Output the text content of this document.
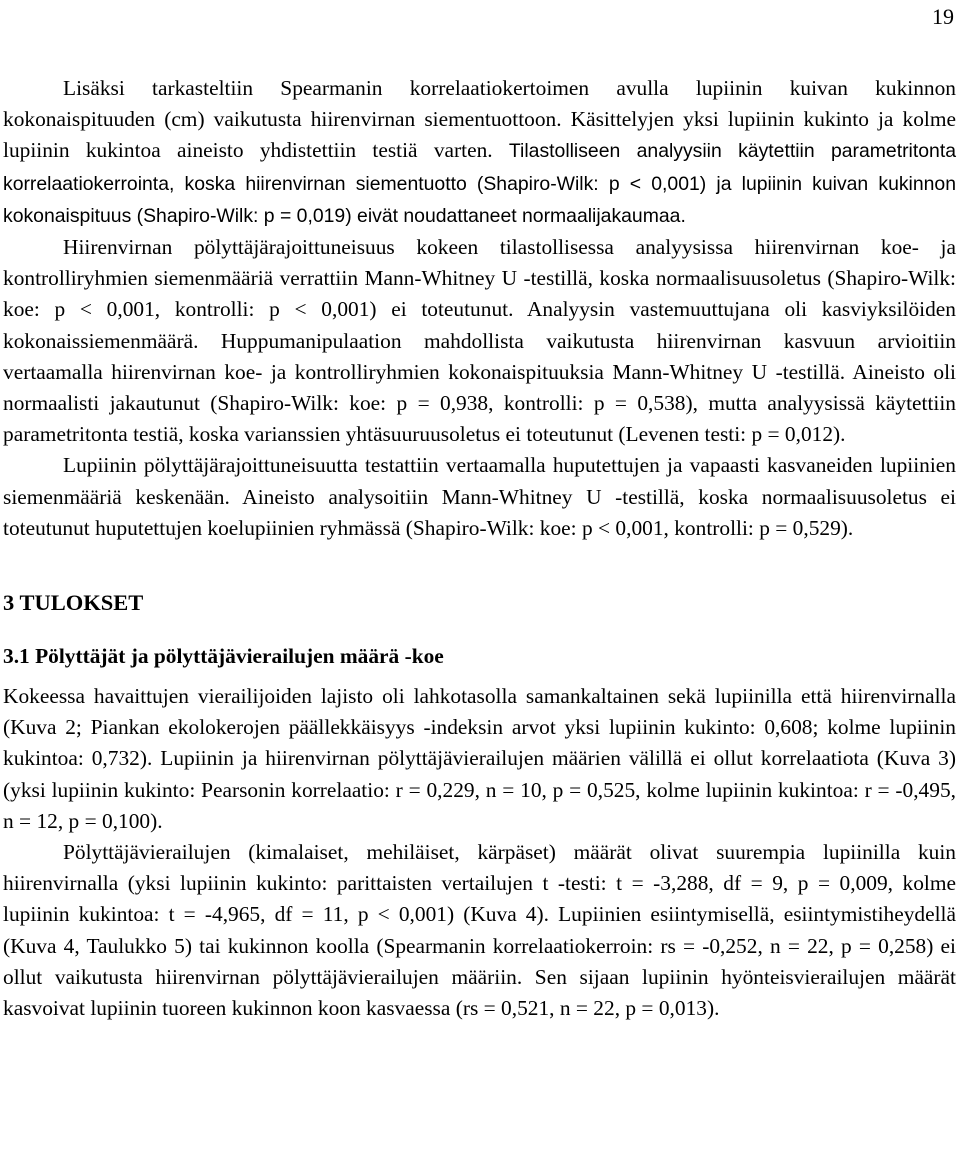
19

Lisäksi tarkasteltiin Spearmanin korrelaatiokertoimen avulla lupiinin kuivan kukinnon kokonaispituuden (cm) vaikutusta hiirenvirnan siementuottoon. Käsittelyjen yksi lupiinin kukinto ja kolme lupiinin kukintoa aineisto yhdistettiin testiä varten. Tilastolliseen analyysiin käytettiin parametritonta korrelaatiokerrointa, koska hiirenvirnan siementuotto (Shapiro-Wilk: p < 0,001) ja lupiinin kuivan kukinnon kokonaispituus (Shapiro-Wilk: p = 0,019) eivät noudattaneet normaalijakaumaa.

Hiirenvirnan pölyttäjärajoittuneisuus kokeen tilastollisessa analyysissa hiirenvirnan koe- ja kontrolliryhmien siemenmääriä verrattiin Mann-Whitney U -testillä, koska normaalisuusoletus (Shapiro-Wilk: koe: p < 0,001, kontrolli: p < 0,001) ei toteutunut. Analyysin vastemuuttujana oli kasviyksilöiden kokonaissiemenmäärä. Huppumanipulaation mahdollista vaikutusta hiirenvirnan kasvuun arvioitiin vertaamalla hiirenvirnan koe- ja kontrolliryhmien kokonaispituuksia Mann-Whitney U -testillä. Aineisto oli normaalisti jakautunut (Shapiro-Wilk: koe: p = 0,938, kontrolli: p = 0,538), mutta analyysissä käytettiin parametritonta testiä, koska varianssien yhtäsuuruusoletus ei toteutunut (Levenen testi: p = 0,012).

Lupiinin pölyttäjärajoittuneisuutta testattiin vertaamalla huputettujen ja vapaasti kasvaneiden lupiinien siemenmääriä keskenään. Aineisto analysoitiin Mann-Whitney U -testillä, koska normaalisuusoletus ei toteutunut huputettujen koelupiinien ryhmässä (Shapiro-Wilk: koe: p < 0,001, kontrolli: p = 0,529).

3 TULOKSET
3.1 Pölyttäjät ja pölyttäjävierailujen määrä -koe

Kokeessa havaittujen vierailijoiden lajisto oli lahkotasolla samankaltainen sekä lupiinilla että hiirenvirnalla (Kuva 2; Piankan ekolokerojen päällekkäisyys -indeksin arvot yksi lupiinin kukinto: 0,608; kolme lupiinin kukintoa: 0,732). Lupiinin ja hiirenvirnan pölyttäjävierailujen määrien välillä ei ollut korrelaatiota (Kuva 3) (yksi lupiinin kukinto: Pearsonin korrelaatio: r = 0,229, n = 10, p = 0,525, kolme lupiinin kukintoa: r = -0,495, n = 12, p = 0,100).

Pölyttäjävierailujen (kimalaiset, mehiläiset, kärpäset) määrät olivat suurempia lupiinilla kuin hiirenvirnalla (yksi lupiinin kukinto: parittaisten vertailujen t -testi: t = -3,288, df = 9, p = 0,009, kolme lupiinin kukintoa: t = -4,965, df = 11, p < 0,001) (Kuva 4). Lupiinien esiintymisellä, esiintymistiheydellä (Kuva 4, Taulukko 5) tai kukinnon koolla (Spearmanin korrelaatiokerroin: rs = -0,252, n = 22, p = 0,258) ei ollut vaikutusta hiirenvirnan pölyttäjävierailujen määriin. Sen sijaan lupiinin hyönteisvierailujen määrät kasvoivat lupiinin tuoreen kukinnon koon kasvaessa (rs = 0,521, n = 22, p = 0,013).
